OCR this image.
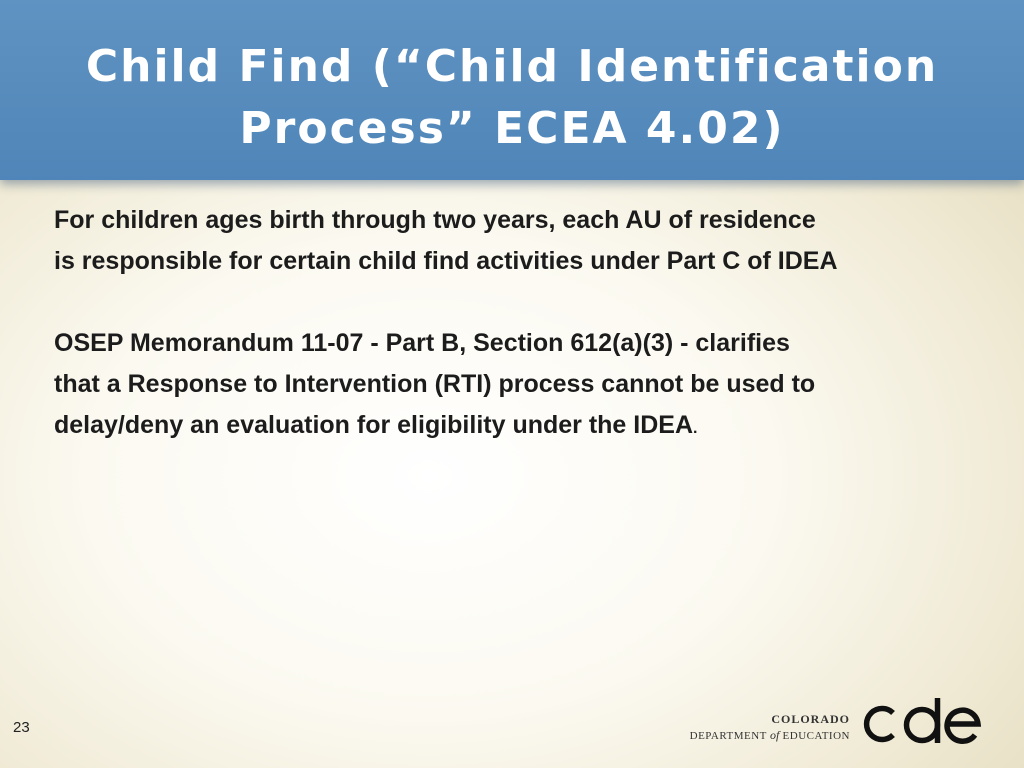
Child Find (“Child Identification
Process” ECEA 4.02)

For children ages birth through two years, each AU of residence
is responsible for certain child find activities under Part C of IDEA

OSEP Memorandum 11-07 - Part B, Section 612(a)(3) - clarifies
that a Response to Intervention (RTI) process cannot be used to
delay/deny an evaluation for eligibility under the IDEA.

23	COLORADO
DEPARTMENT of EDUCATION
